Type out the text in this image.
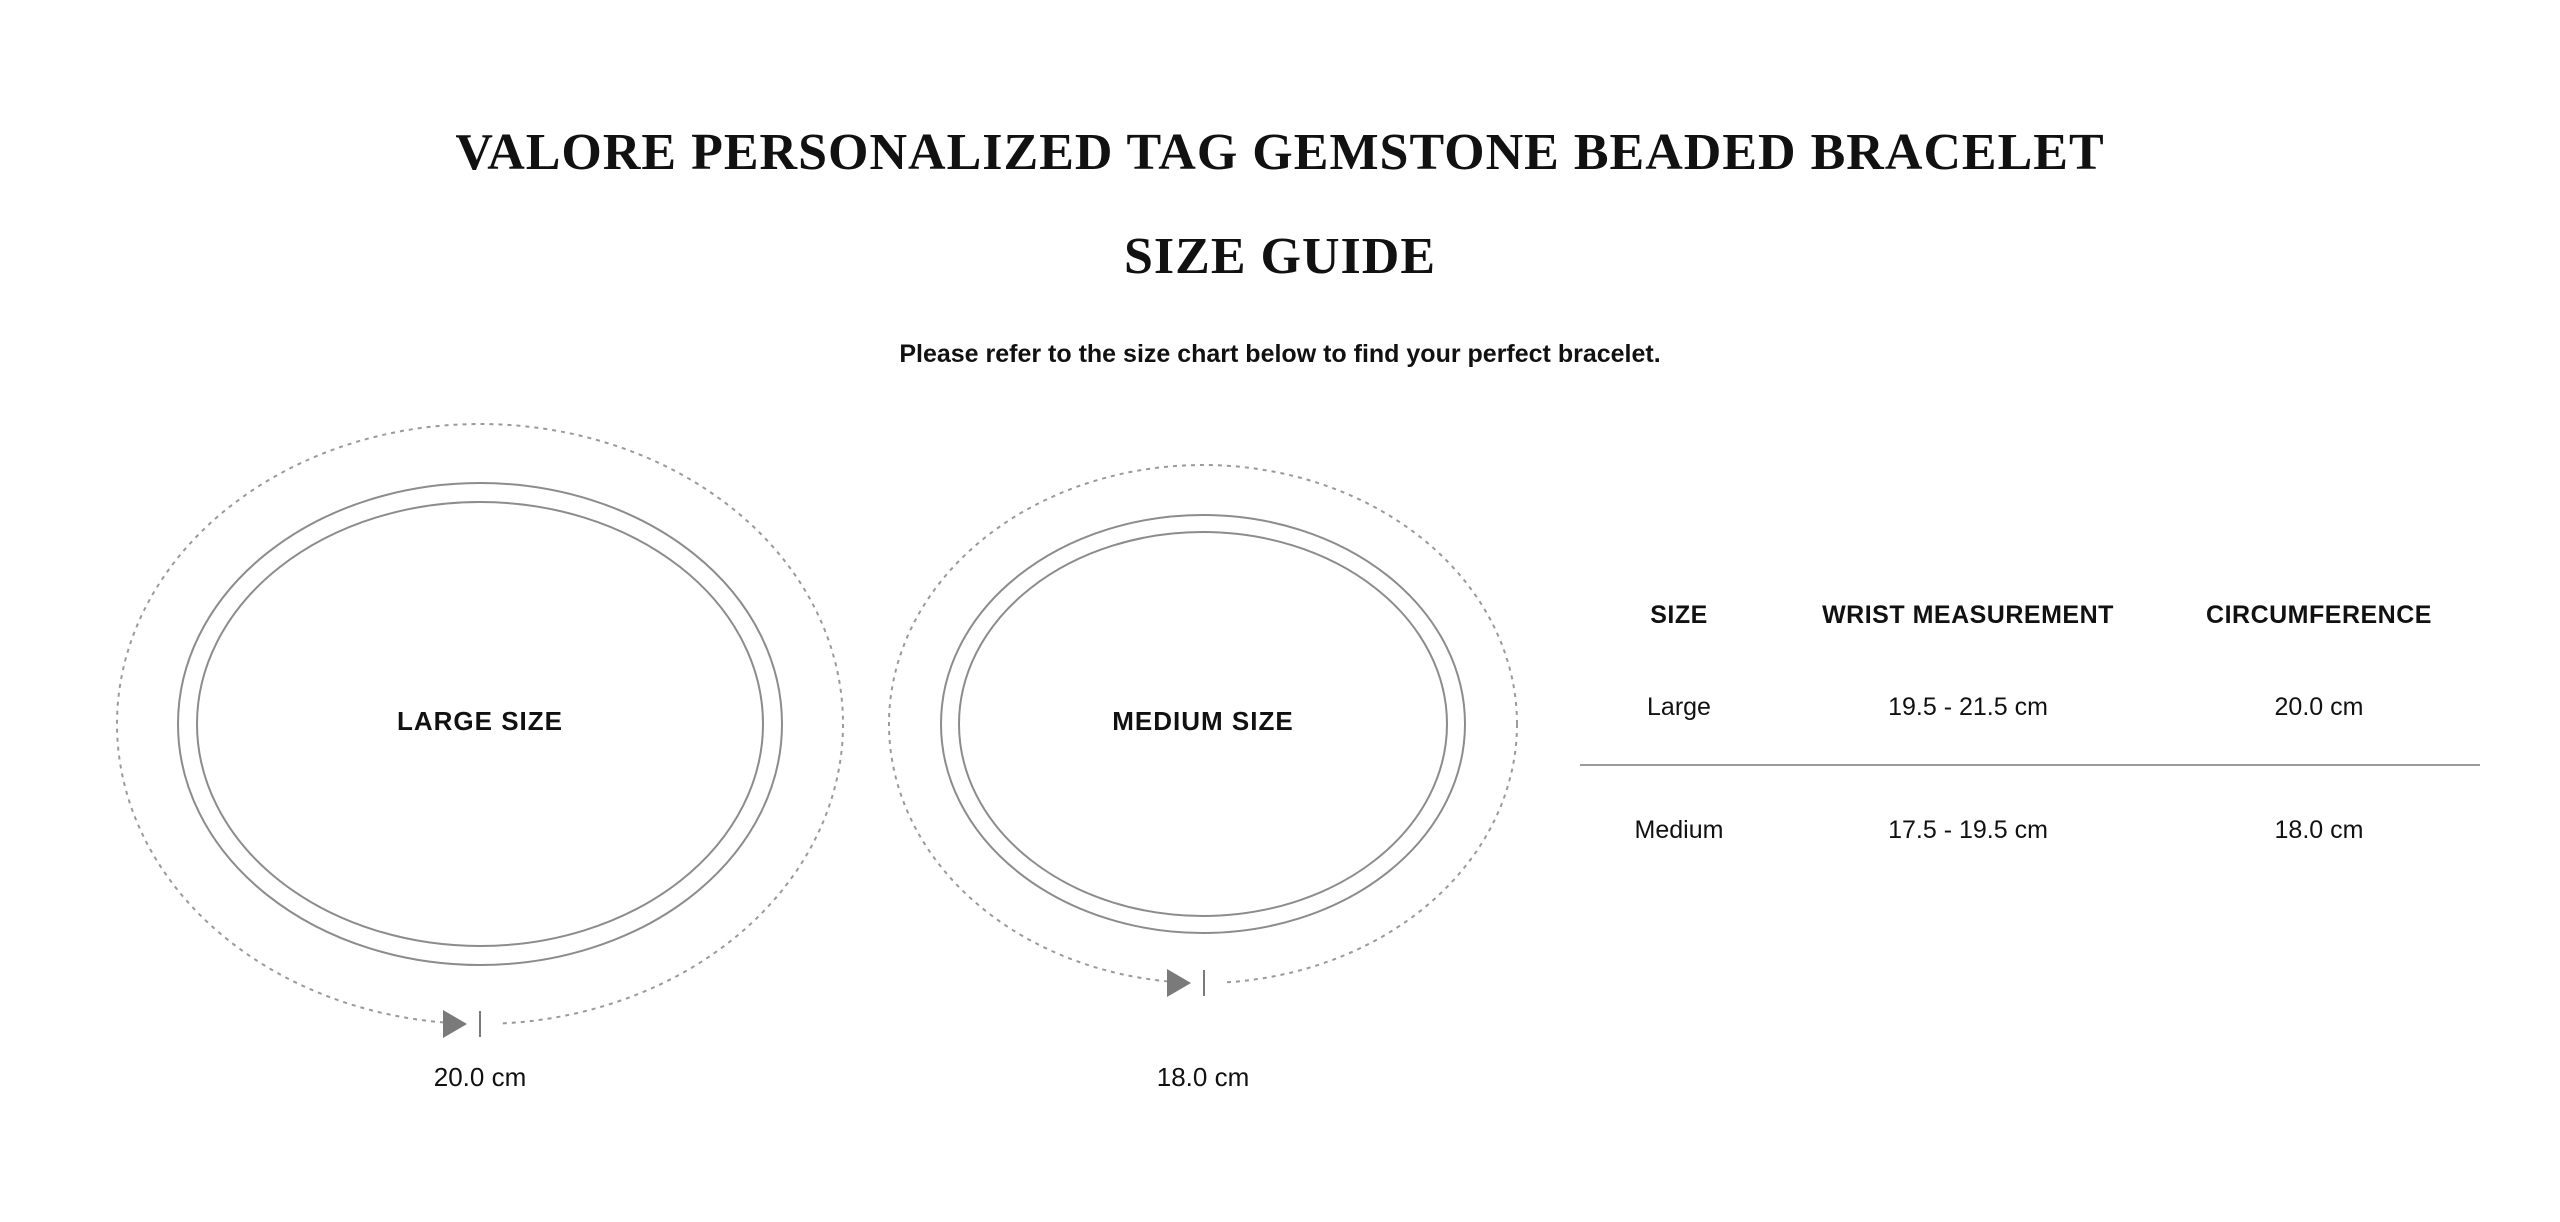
VALORE PERSONALIZED TAG GEMSTONE BEADED BRACELET
SIZE GUIDE

Please refer to the size chart below to find your perfect bracelet.

LARGE SIZE
20.0 cm
MEDIUM SIZE
18.0 cm
SIZE	WRIST MEASUREMENT	CIRCUMFERENCE
Large	19.5 - 21.5 cm	20.0 cm
Medium	17.5 - 19.5 cm	18.0 cm
